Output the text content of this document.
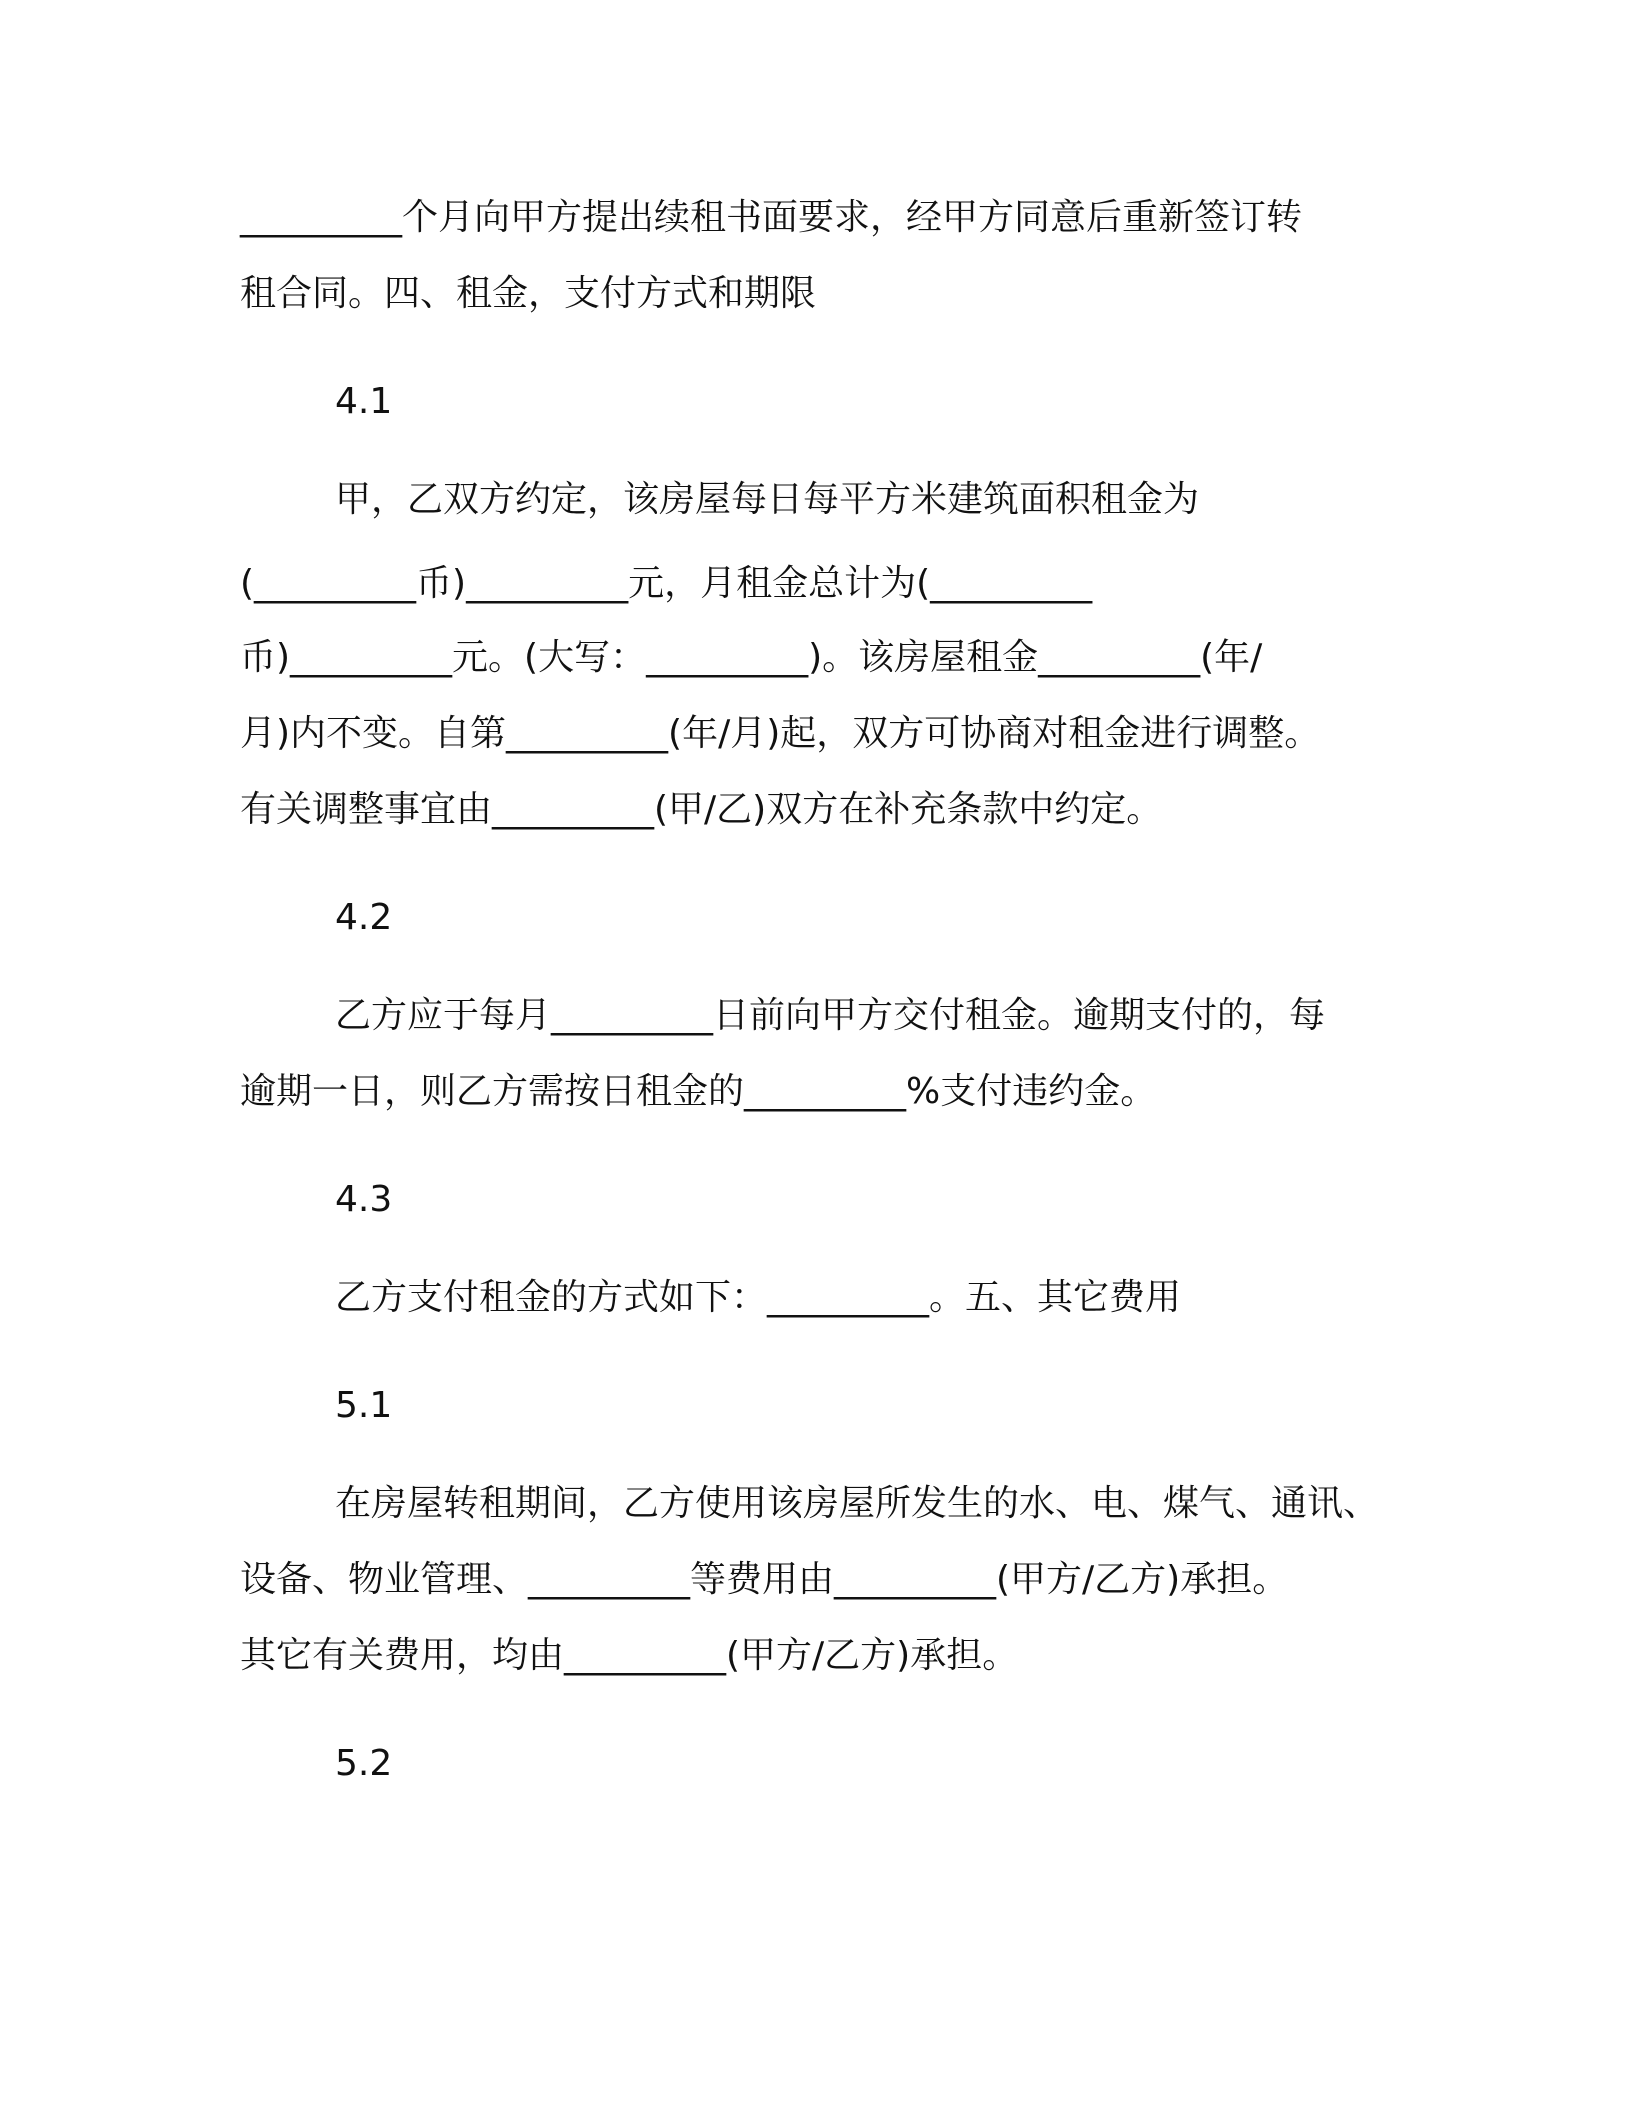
_________个月向甲方提出续租书面要求，经甲方同意后重新签订转
租合同。四、租金，支付方式和期限
4.1
甲，乙双方约定，该房屋每日每平方米建筑面积租金为
(_________币)_________元，月租金总计为(_________
币)_________元。(大写：_________)。该房屋租金_________(年/
月)内不变。自第_________(年/月)起，双方可协商对租金进行调整。
有关调整事宜由_________(甲/乙)双方在补充条款中约定。
4.2
乙方应于每月_________日前向甲方交付租金。逾期支付的，每
逾期一日，则乙方需按日租金的_________%支付违约金。
4.3
乙方支付租金的方式如下：_________。五、其它费用
5.1
在房屋转租期间，乙方使用该房屋所发生的水、电、煤气、通讯、
设备、物业管理、_________等费用由_________(甲方/乙方)承担。
其它有关费用，均由_________(甲方/乙方)承担。
5.2
